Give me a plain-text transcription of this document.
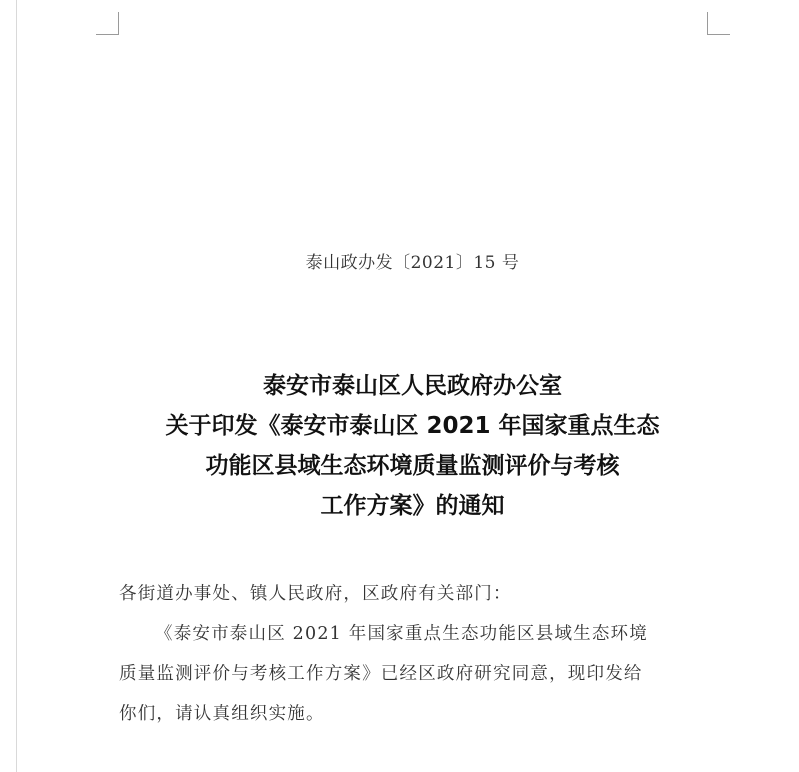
泰山政办发〔2021〕15 号
泰安市泰山区人民政府办公室
关于印发《泰安市泰山区 2021 年国家重点生态
功能区县域生态环境质量监测评价与考核
工作方案》的通知
各街道办事处、镇人民政府，区政府有关部门：
《泰安市泰山区 2021 年国家重点生态功能区县域生态环境
质量监测评价与考核工作方案》已经区政府研究同意，现印发给
你们，请认真组织实施。
